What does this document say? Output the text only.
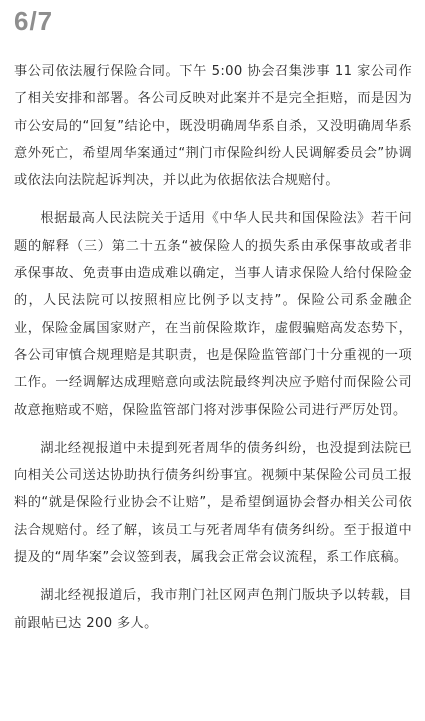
6/7

事公司依法履行保险合同。下午 5:00 协会召集涉事 11 家公司作了相关安排和部署。各公司反映对此案并不是完全拒赔，而是因为市公安局的“回复”结论中，既没明确周华系自杀，又没明确周华系意外死亡，希望周华案通过“荆门市保险纠纷人民调解委员会”协调或依法向法院起诉判决，并以此为依据依法合规赔付。

根据最高人民法院关于适用《中华人民共和国保险法》若干问题的解释（三）第二十五条“被保险人的损失系由承保事故或者非承保事故、免责事由造成难以确定，当事人请求保险人给付保险金的，人民法院可以按照相应比例予以支持”。保险公司系金融企业，保险金属国家财产，在当前保险欺诈，虚假骗赔高发态势下，各公司审慎合规理赔是其职责，也是保险监管部门十分重视的一项工作。一经调解达成理赔意向或法院最终判决应予赔付而保险公司故意拖赔或不赔，保险监管部门将对涉事保险公司进行严厉处罚。

湖北经视报道中未提到死者周华的债务纠纷，也没提到法院已向相关公司送达协助执行债务纠纷事宜。视频中某保险公司员工报料的“就是保险行业协会不让赔”，是希望倒逼协会督办相关公司依法合规赔付。经了解，该员工与死者周华有债务纠纷。至于报道中提及的“周华案”会议签到表，属我会正常会议流程，系工作底稿。

湖北经视报道后，我市荆门社区网声色荆门版块予以转载，目前跟帖已达 200 多人。
